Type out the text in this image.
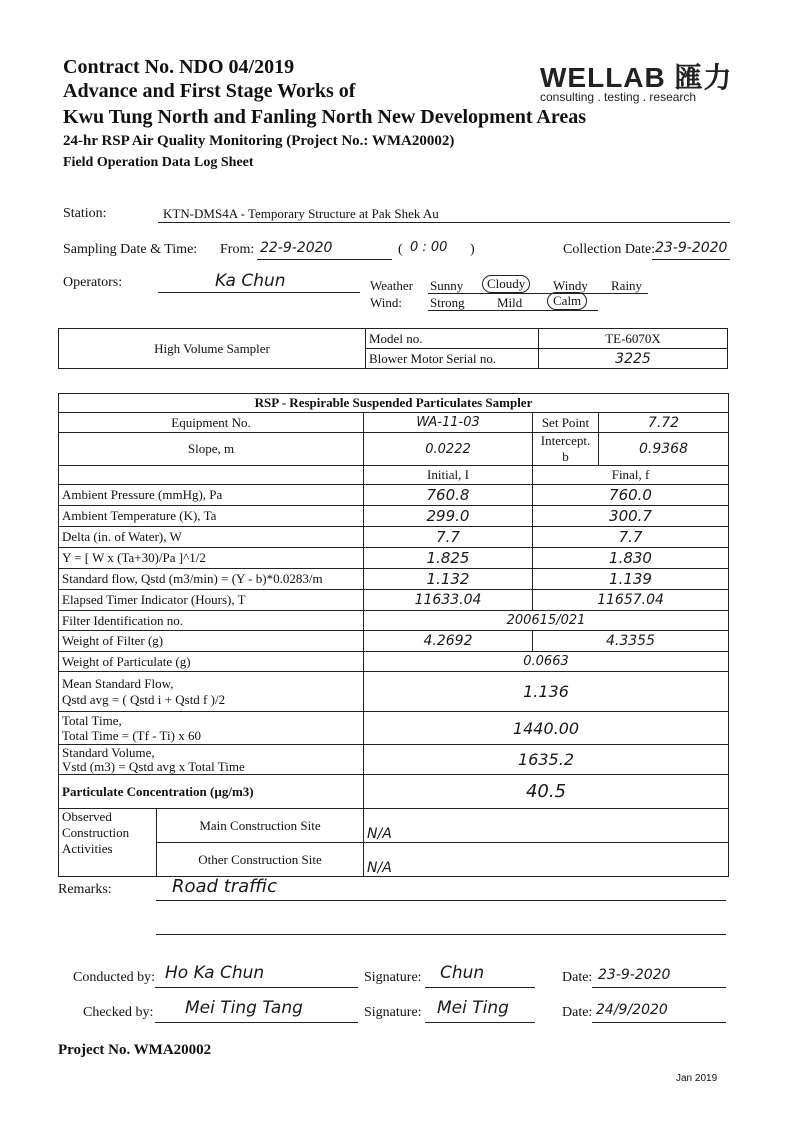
Contract No. NDO 04/2019
Advance and First Stage Works of
Kwu Tung North and Fanling North New Development Areas
24-hr RSP Air Quality Monitoring (Project No.: WMA20002)
Field Operation Data Log Sheet
WELLAB 匯力
consulting . testing . research
Station:	KTN-DMS4A - Temporary Structure at Pak Shek Au
Sampling Date & Time: From: 22-9-2020	( 0 : 00 )	Collection Date: 23-9-2020
Operators:	Ka Chun	Weather Sunny	Cloudy	Windy Rainy
Wind: Strong Mild	Calm
High Volume Sampler	Model no.	TE-6070X
	Blower Motor Serial no.	3225
RSP - Respirable Suspended Particulates Sampler				
Equipment No.		WA-11-03	Set Point	7.72
Slope, m		0.0222	Intercept. b	0.9368
		Initial, I	Final, f	
Ambient Pressure (mmHg), Pa		760.8	760.0	
Ambient Temperature (K), Ta		299.0	300.7	
Delta (in. of Water), W		7.7	7.7	
Y = [ W x (Ta+30)/Pa ]^1/2		1.825	1.830	
Standard flow, Qstd (m3/min) = (Y - b)*0.0283/m		1.132	1.139	
Elapsed Timer Indicator (Hours), T		11633.04	11657.04	
Filter Identification no.		200615/021		
Weight of Filter (g)		4.2692	4.3355	
Weight of Particulate (g)		0.0663		

Mean Standard Flow,
Qstd avg = ( Qstd i + Qstd f )/2		1.136		

Total Time,
Total Time = (Tf - Ti) x 60		1440.00		

Standard Volume,
Vstd (m3) = Qstd avg x Total Time		1635.2		
Particulate Concentration (µg/m3)		40.5		
Observed Construction Activities	Main Construction Site	N/A		
	Other Construction Site	N/A		
Remarks:	Road traffic
Conducted by: Ho Ka Chun	Signature: Chun	Date: 23-9-2020
Checked by: Mei Ting Tang	Signature: Mei Ting	Date: 24/9/2020
Project No. WMA20002
Jan 2019
